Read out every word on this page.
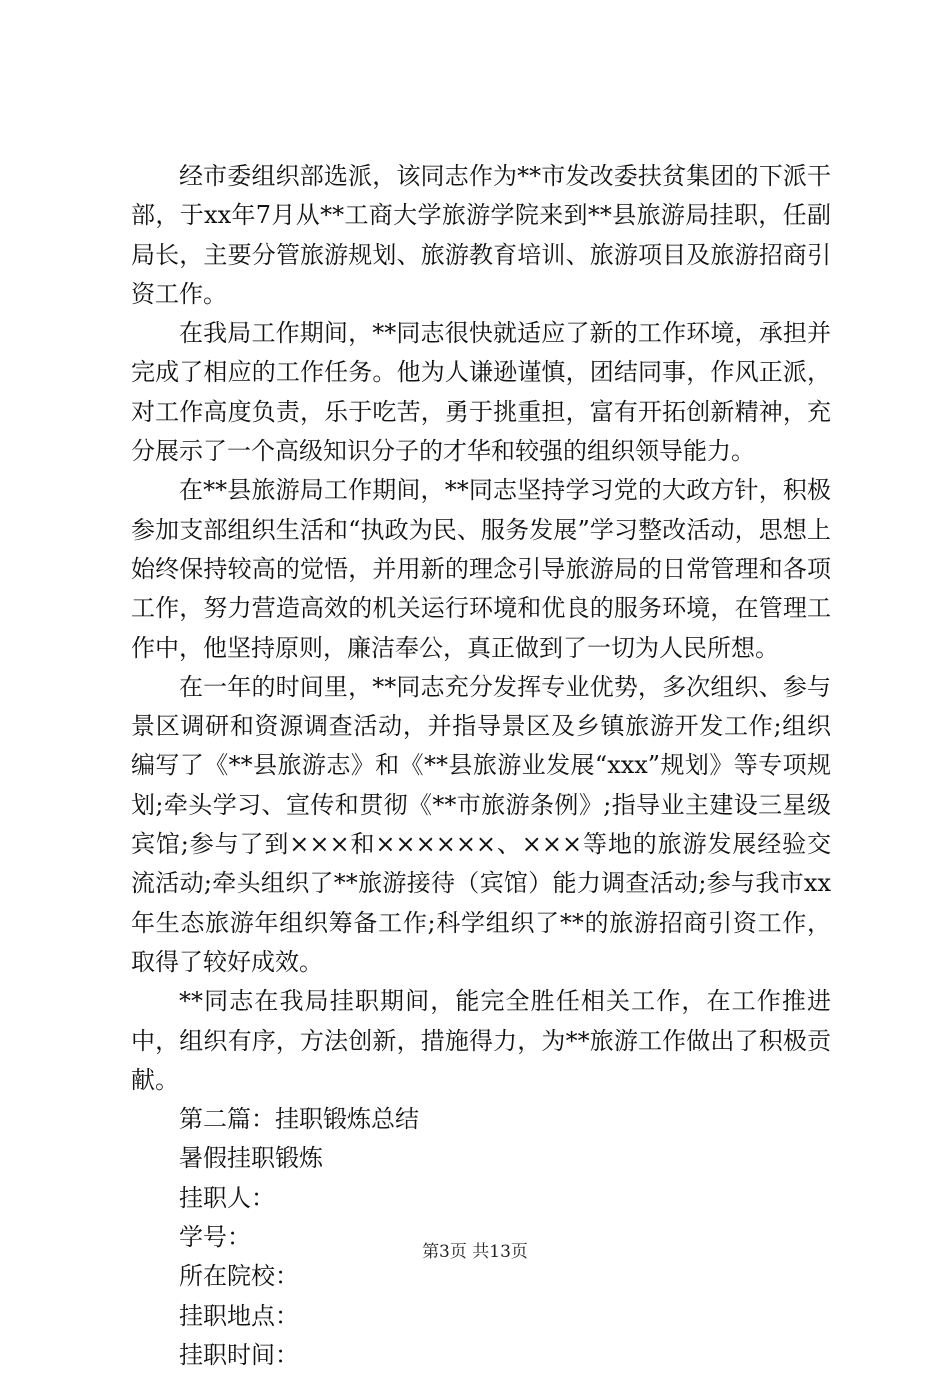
经市委组织部选派，该同志作为**市发改委扶贫集团的下派干部，于xx年7月从**工商大学旅游学院来到**县旅游局挂职，任副局长，主要分管旅游规划、旅游教育培训、旅游项目及旅游招商引资工作。

在我局工作期间，**同志很快就适应了新的工作环境，承担并完成了相应的工作任务。他为人谦逊谨慎，团结同事，作风正派，对工作高度负责，乐于吃苦，勇于挑重担，富有开拓创新精神，充分展示了一个高级知识分子的才华和较强的组织领导能力。

在**县旅游局工作期间，**同志坚持学习党的大政方针，积极参加支部组织生活和“执政为民、服务发展”学习整改活动，思想上始终保持较高的觉悟，并用新的理念引导旅游局的日常管理和各项工作，努力营造高效的机关运行环境和优良的服务环境，在管理工作中，他坚持原则，廉洁奉公，真正做到了一切为人民所想。

在一年的时间里，**同志充分发挥专业优势，多次组织、参与景区调研和资源调查活动，并指导景区及乡镇旅游开发工作;组织编写了《**县旅游志》和《**县旅游业发展“xxx”规划》等专项规划;牵头学习、宣传和贯彻《**市旅游条例》;指导业主建设三星级宾馆;参与了到×××和××××××、×××等地的旅游发展经验交流活动;牵头组织了**旅游接待（宾馆）能力调查活动;参与我市xx年生态旅游年组织筹备工作;科学组织了**的旅游招商引资工作，取得了较好成效。

**同志在我局挂职期间，能完全胜任相关工作，在工作推进中，组织有序，方法创新，措施得力，为**旅游工作做出了积极贡献。

第二篇：挂职锻炼总结

暑假挂职锻炼

挂职人：

学号：

所在院校：

挂职地点：

挂职时间：

第3页 共13页
